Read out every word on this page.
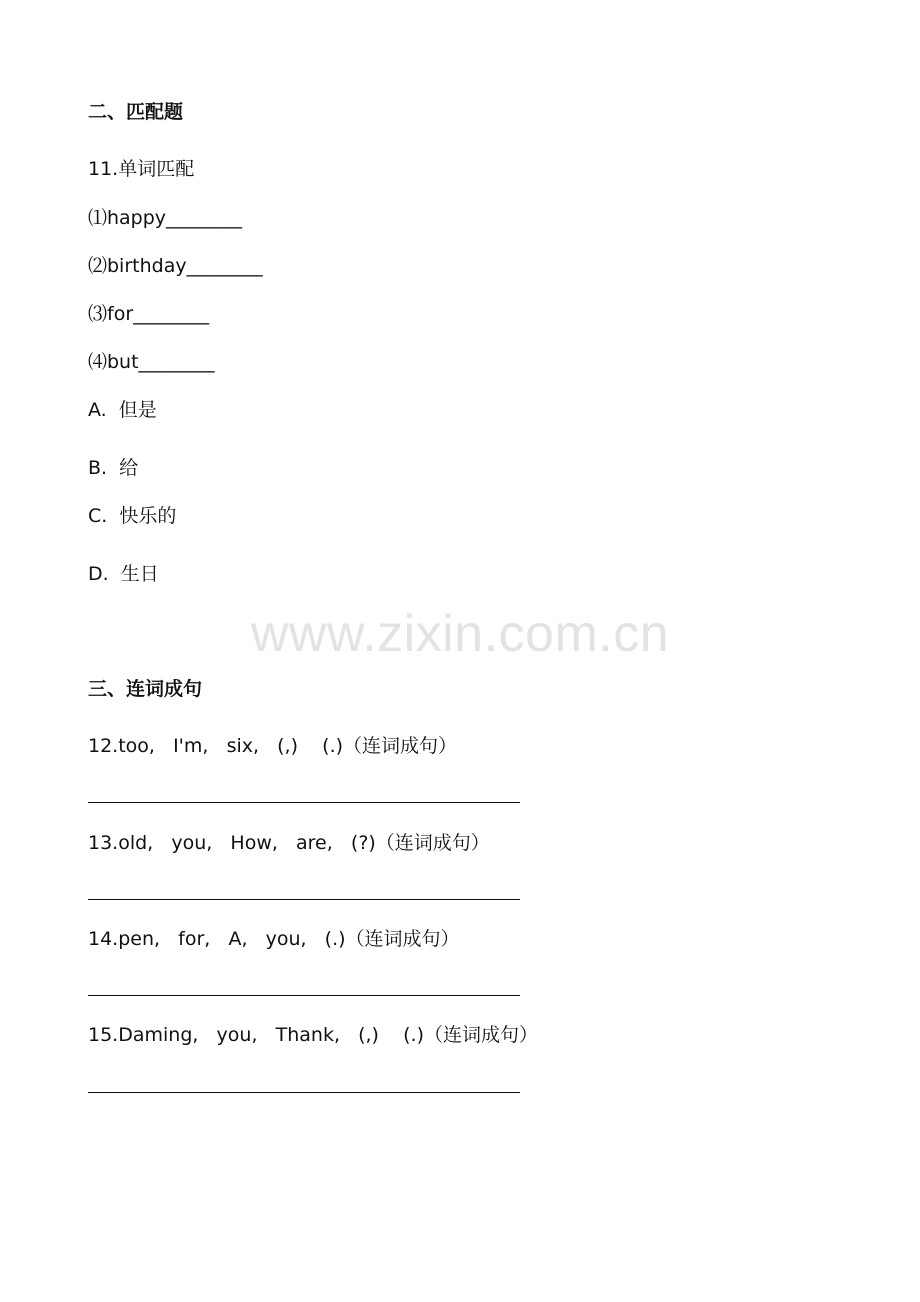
二、匹配题
11.单词匹配
⑴happy________
⑵birthday________
⑶for________
⑷but________
A.  但是
B.  给
C.  快乐的
D.  生日
www.zixin.com.cn
三、连词成句
12.too,   I'm,   six,   (,)    (.)（连词成句）
13.old,   you,   How,   are,   (?)（连词成句）
14.pen,   for,   A,   you,   (.)（连词成句）
15.Daming,   you,   Thank,   (,)    (.)（连词成句）
